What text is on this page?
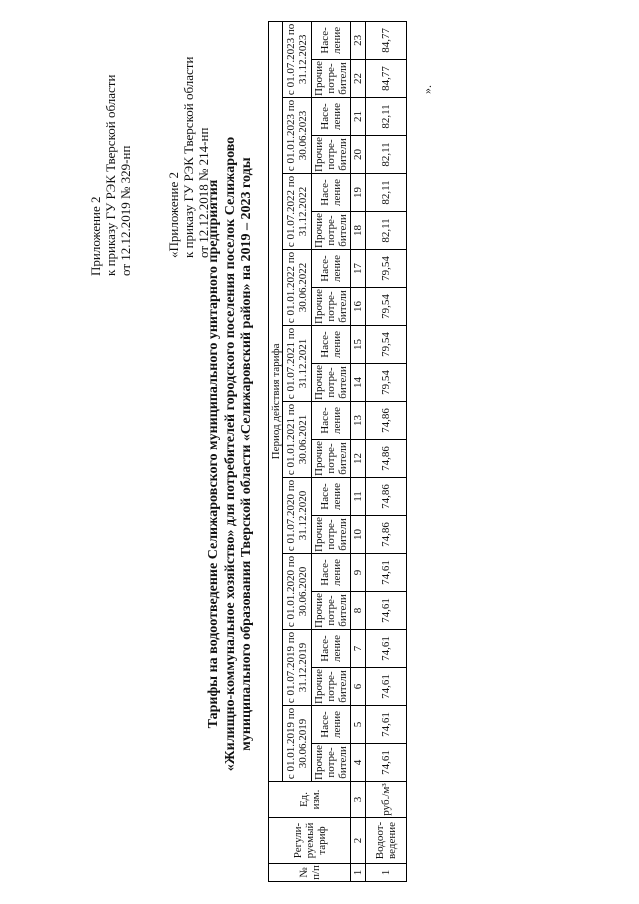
Приложение 2 к приказу ГУ РЭК Тверской области от 12.12.2019 № 329-нп	«Приложение 2 к приказу ГУ РЭК Тверской области от 12.12.2018 № 214-нп
Тарифы на водоотведение Селижаровского муниципального унитарного предприятия «Жилищно-коммунальное хозяйство» для потребителей городского поселения поселок Селижарово муниципального образования Тверской области «Селижаровский район» на 2019 – 2023 годы
№ п/п	Регули-руемый тариф	Ед. изм.	Период действия тарифа																			
			с 01.01.2019 по 30.06.2019		с 01.07.2019 по 31.12.2019		с 01.01.2020 по 30.06.2020		с 01.07.2020 по 31.12.2020		с 01.01.2021 по 30.06.2021		с 01.07.2021 по 31.12.2021		с 01.01.2022 по 30.06.2022		с 01.07.2022 по 31.12.2022		с 01.01.2023 по 30.06.2023		с 01.07.2023 по 31.12.2023	
			Прочие потре-бители	Насе-ление	Прочие потре-бители	Насе-ление	Прочие потре-бители	Насе-ление	Прочие потре-бители	Насе-ление	Прочие потре-бители	Насе-ление	Прочие потре-бители	Насе-ление	Прочие потре-бители	Насе-ление	Прочие потре-бители	Насе-ление	Прочие потре-бители	Насе-ление	Прочие потре-бители	Насе-ление
1	2	3	4	5	6	7	8	9	10	11	12	13	14	15	16	17	18	19	20	21	22	23
1	Водоот-ведение	руб./м³	74,61	74,61	74,61	74,61	74,61	74,61	74,86	74,86	74,86	74,86	79,54	79,54	79,54	79,54	82,11	82,11	82,11	82,11	84,77	84,77
».
